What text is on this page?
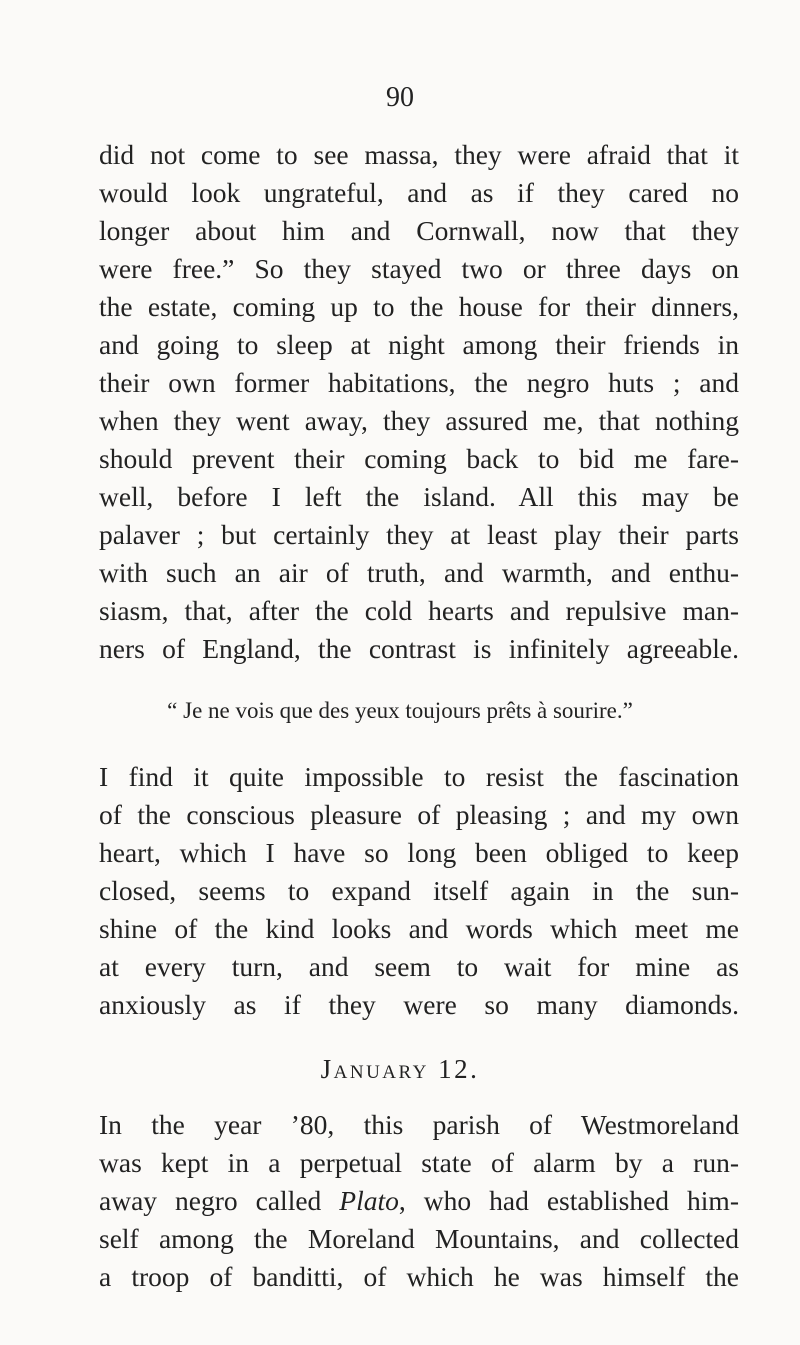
90
did not come to see massa, they were afraid that it
would look ungrateful, and as if they cared no
longer about him and Cornwall, now that they
were free.” So they stayed two or three days on
the estate, coming up to the house for their dinners,
and going to sleep at night among their friends in
their own former habitations, the negro huts ; and
when they went away, they assured me, that nothing
should prevent their coming back to bid me fare-
well, before I left the island. All this may be
palaver ; but certainly they at least play their parts
with such an air of truth, and warmth, and enthu-
siasm, that, after the cold hearts and repulsive man-
ners of England, the contrast is infinitely agreeable.
“ Je ne vois que des yeux toujours prêts à sourire.”
I find it quite impossible to resist the fascination
of the conscious pleasure of pleasing ; and my own
heart, which I have so long been obliged to keep
closed, seems to expand itself again in the sun-
shine of the kind looks and words which meet me
at every turn, and seem to wait for mine as
anxiously as if they were so many diamonds.
January 12.
In the year ’80, this parish of Westmoreland
was kept in a perpetual state of alarm by a run-
away negro called Plato, who had established him-
self among the Moreland Mountains, and collected
a troop of banditti, of which he was himself the
